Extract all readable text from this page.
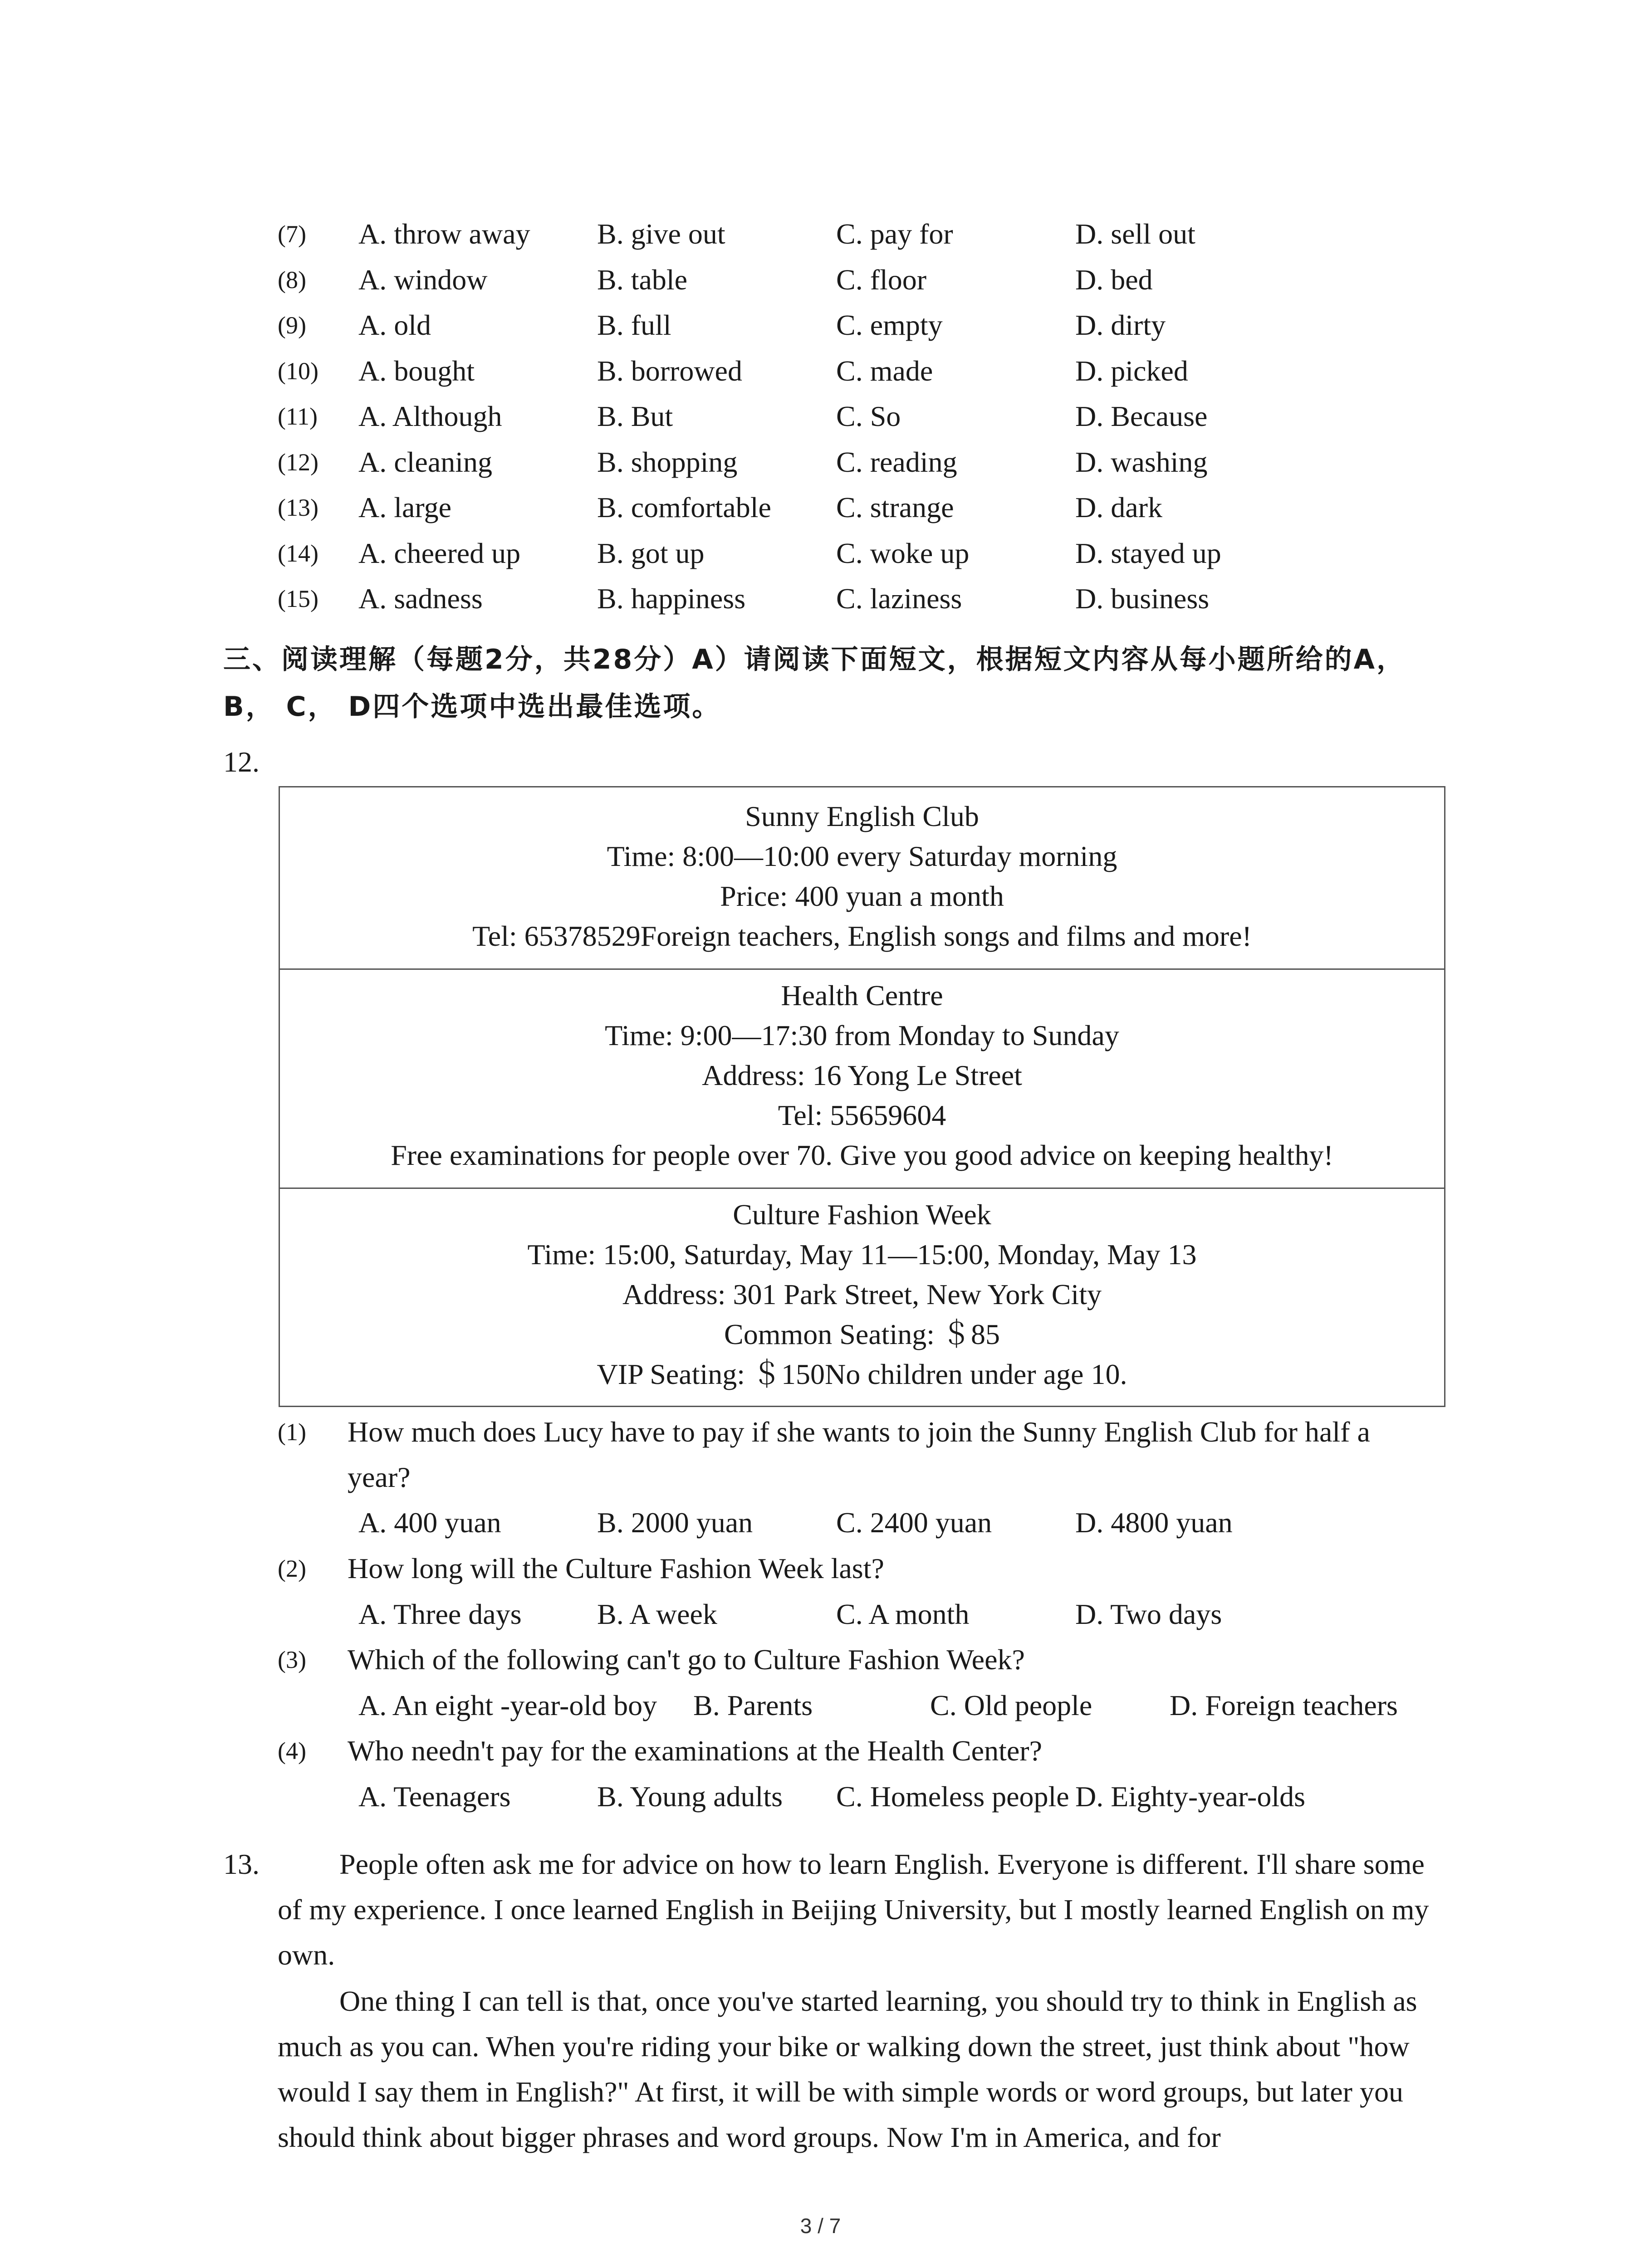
(7) A. throw away B. give out	C. pay for	D. sell out
(8) A. window	B. table	C. floor	D. bed
(9) A. old	B. full	C. empty	D. dirty
(10) A. bought	B. borrowed	C. made	D. picked
(11) A. Although	B. But	C. So	D. Because
(12) A. cleaning	B. shopping	C. reading	D. washing
(13) A. large	B. comfortable C. strange	D. dark
(14) A. cheered up	B. got up	C. woke up	D. stayed up
(15) A. sadness	B. happiness	C. laziness	D. business
三、阅读理解（每题2分，共28分）A）请阅读下面短文，根据短文内容从每小题所给的A，
B， C， D四个选项中选出最佳选项。
12.
Sunny English Club
Time: 8:00—10:00 every Saturday morning
Price: 400 yuan a month
Tel: 65378529Foreign teachers, English songs and films and more!
Health Centre
Time: 9:00—17:30 from Monday to Sunday
Address: 16 Yong Le Street
Tel: 55659604
Free examinations for people over 70. Give you good advice on keeping healthy!
Culture Fashion Week
Time: 15:00, Saturday, May 11—15:00, Monday, May 13
Address: 301 Park Street, New York City
Common Seating: ＄85
VIP Seating: ＄150No children under age 10.
(1) How much does Lucy have to pay if she wants to join the Sunny English Club for half a
year?
A. 400 yuan	B. 2000 yuan	C. 2400 yuan	D. 4800 yuan
(2) How long will the Culture Fashion Week last?
A. Three days	B. A week	C. A month	D. Two days
(3) Which of the following can't go to Culture Fashion Week?
A. An eight -year-old boy B. Parents	C. Old people	D. Foreign teachers
(4) Who needn't pay for the examinations at the Health Center?
A. Teenagers	B. Young adults C. Homeless people D. Eighty-year-olds
13.	People often ask me for advice on how to learn English. Everyone is different. I'll share some of my experience. I once learned English in Beijing University, but I mostly learned English on my own.
One thing I can tell is that, once you've started learning, you should try to think in English as much as you can. When you're riding your bike or walking down the street, just think about "how would I say them in English?" At first, it will be with simple words or word groups, but later you should think about bigger phrases and word groups. Now I'm in America, and for
3 / 7
